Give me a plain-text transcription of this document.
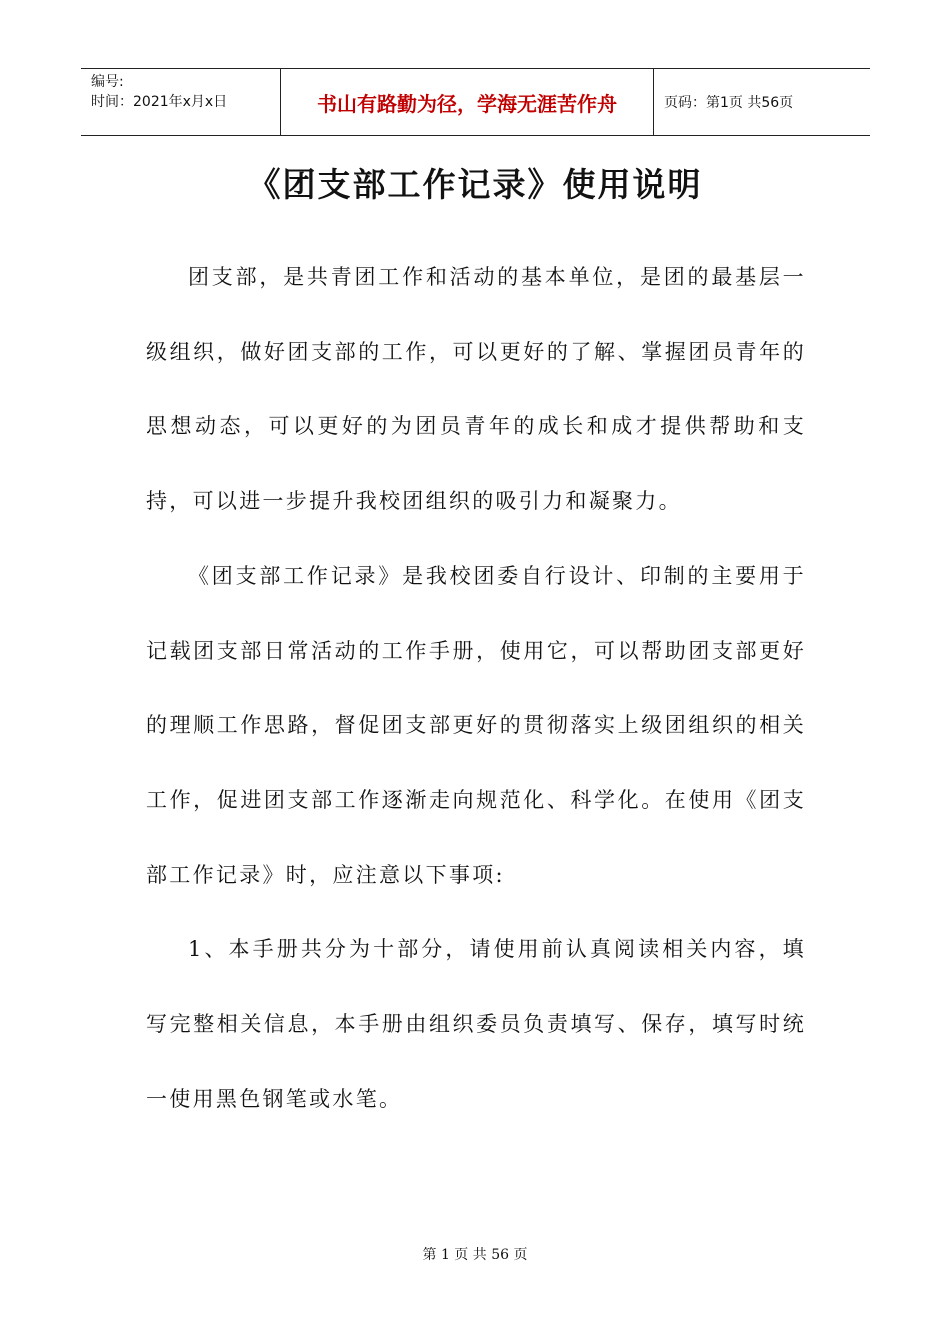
编号:
时间：2021年x月x日	书山有路勤为径，学海无涯苦作舟	页码：第1页 共56页
《团支部工作记录》使用说明

团支部，是共青团工作和活动的基本单位，是团的最基层一级组织，做好团支部的工作，可以更好的了解、掌握团员青年的思想动态，可以更好的为团员青年的成长和成才提供帮助和支持，可以进一步提升我校团组织的吸引力和凝聚力。

《团支部工作记录》是我校团委自行设计、印制的主要用于记载团支部日常活动的工作手册，使用它，可以帮助团支部更好的理顺工作思路，督促团支部更好的贯彻落实上级团组织的相关工作，促进团支部工作逐渐走向规范化、科学化。在使用《团支部工作记录》时，应注意以下事项:

1、本手册共分为十部分，请使用前认真阅读相关内容，填写完整相关信息，本手册由组织委员负责填写、保存，填写时统一使用黑色钢笔或水笔。

第 1 页 共 56 页
